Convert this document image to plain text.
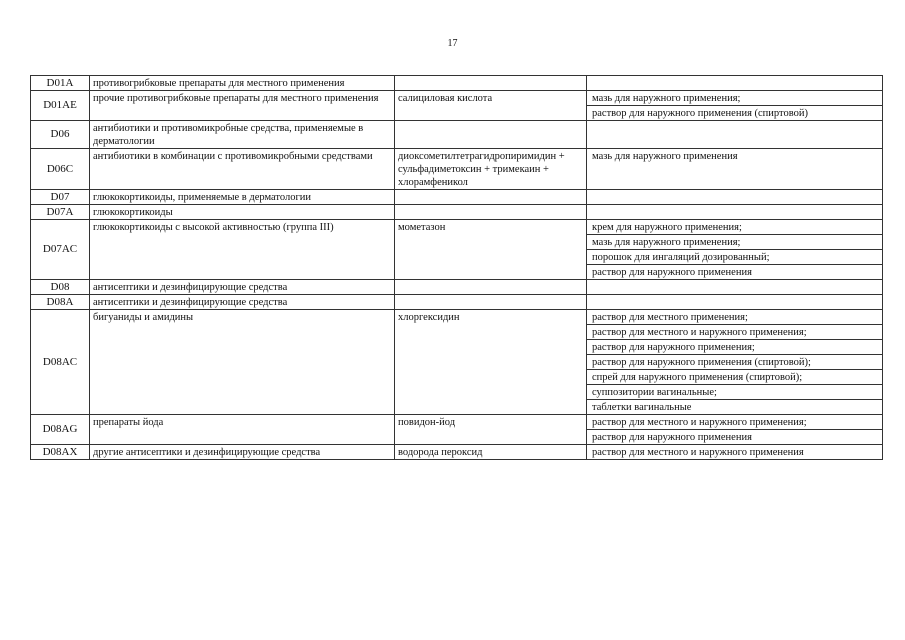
17
D01A	противогрибковые препараты для местного применения		
D01AE	прочие противогрибковые препараты для местного применения	салициловая кислота	мазь для наружного применения;
			раствор для наружного применения (спиртовой)
D06	антибиотики и противомикробные средства, применяемые в дерматологии		
D06C	антибиотики в комбинации с противомикробными средствами	диоксометилтетрагидропиримидин + сульфадиметоксин + тримекаин + хлорамфеникол	мазь для наружного применения
D07	глюкокортикоиды, применяемые в дерматологии		
D07A	глюкокортикоиды		
D07AC	глюкокортикоиды с высокой активностью (группа III)	мометазон	крем для наружного применения;
			мазь для наружного применения;
			порошок для ингаляций дозированный;
			раствор для наружного применения
D08	антисептики и дезинфицирующие средства		
D08A	антисептики и дезинфицирующие средства		
D08AC	бигуаниды и амидины	хлоргексидин	раствор для местного применения;
			раствор для местного и наружного применения;
			раствор для наружного применения;
			раствор для наружного применения (спиртовой);
			спрей для наружного применения (спиртовой);
			суппозитории вагинальные;
			таблетки вагинальные
D08AG	препараты йода	повидон-йод	раствор для местного и наружного применения;
			раствор для наружного применения
D08AX	другие антисептики и дезинфицирующие средства	водорода пероксид	раствор для местного и наружного применения
